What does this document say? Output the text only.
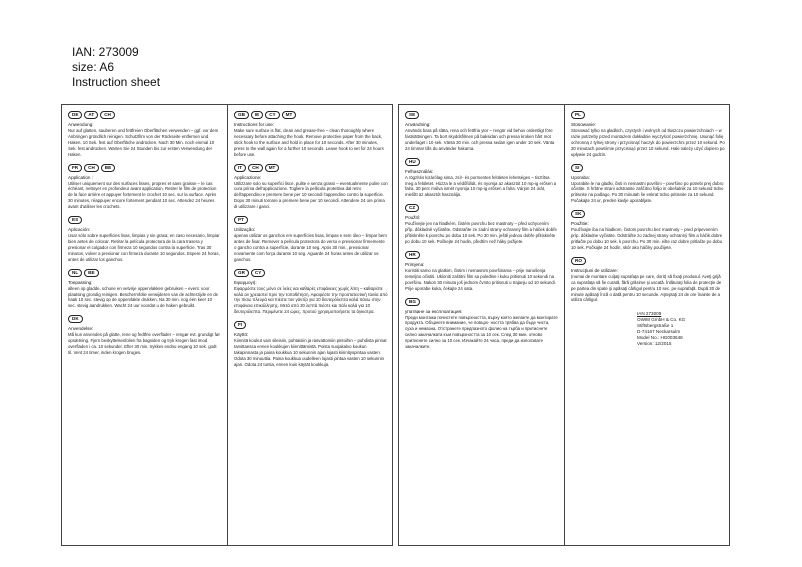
IAN: 273009
size: A6
Instruction sheet
DE	AT	CH
Anwendung:
Nur auf glatten, sauberen und fettfreien Oberflächen verwenden – ggf. vor dem Anbringen gründlich reinigen. Schutzfilm von der Rückseite entfernen und Haken. 10 Sek. fest auf Oberfläche andrücken. Nach 30 Min. noch einmal 10 Sek. fest andrücken. Warten Sie 24 Stunden bis zur ersten Verwendung der Haken.
FR	CH	BE
Application :
Utiliser uniquement sur des surfaces lisses, propres et sans graisse – le cas échéant, nettoyer en profondeur avant application. Retirer le film de protection de la face arrière et appuyer fortement le crochet 10 sec. sur la surface. Après 30 minutes, réappuyer encore fortement pendant 10 sec. Attendez 24 heures avant d'utiliser les crochets.
ES
Aplicación:
Usar sólo sobre superficies lisas, limpias y sin grasa; en caso necesario, limpiar bien antes de colocar. Retirar la película protectora de la cara trasera y presionar el colgador con firmeza 10 segundos contra la superficie. Tras 30 minutos, volver a presionar con firmeza durante 10 segundos. Espere 24 horas, antes de utilizar los ganchos.
NL	BE
Toepassing:
alleen op gladde, schone en vetvrije oppervlakken gebruiken – event. voor plaatsing grondig reinigen. Beschermfolie verwijderen van de achterzijde en de haak 10 sec. stevig op de oppervlakte drukken. Na 30 min. nog één keer 10 sec. stevig aandrukken. Wacht 24 uur voordat u de haken gebruikt.
DK
Anvendelse:
Må kun anvendes på glatte, rene og fedtfrie overflader – rengør evt. grundigt før opsætning. Fjern beskyttelsesfolien fra bagsiden og tryk krogen fast imod overfladen i ca. 10 sekunder. Efter 30 min. trykkes endnu engang 10 sek. godt til. Vent 24 timer, inden krogen bruges.
GB	IE	CY	MT
Instructions for use:
Make sure surface is flat, clean and grease-free – clean thoroughly where necessary before attaching the hook. Remove protective paper from the back, stick hook to the surface and hold in place for 10 seconds. After 30 minutes, press to the wall again for a further 10 seconds. Leave hook to set for 24 hours before use.
IT	CH	MT
Applicazione:
Utilizzare solo su superfici lisce, pulite e senza grassi – eventualmente pulire con cura prima dell'applicazione. Togliere la pellicola protettiva dal retro dell'appendino e premere bene per 10 secondi l'appendino contro la superficie. Dopo 30 minuti tornare a premere bene per 10 secondi. Attendere 24 ore prima di utilizzare i ganci.
PT
Utilização:
apenas utilizar os ganchos em superfícies lisas, limpas e sem óleo – limpar bem antes de fixar. Remover a película protectora do verso e pressionar firmemente o gancho contra a superfície, durante 10 seg. Após 30 min., pressionar novamente com força durante 10 seg. Aguarde 24 horas antes de utilizar os ganchos.
GR	CY
Εφαρμογή:
Εφαρμόστε τους μόνο σε λείες και καθαρές επιφάνειες χωρίς λίπη – καθαρίστε καλά αν χρειαστεί πριν την τοποθέτηση. Αφαιρέστε την προστατευτική ταινία από την πίσω πλευρά και πιέστε τον γάντζο για 10 δευτερόλεπτα καλά πάνω στην επιφάνεια επικόλλησης. Μετά από 30 λεπτά πιέστε και πάλι καλά για 10 δευτερόλεπτα. Περιμένετε 24 ώρες, προτού χρησιμοποιήσετε τα άγκιστρα.
FI
Käyttö:
Kiinnitä koukut vain sileisiin, puhtaisiin ja rasvattomiin pintoihin – puhdista pinnat tarvittaessa ennen koukkujen kiinnittämistä. Poista suojakalvo koukun takapinnasta ja paina koukkua 10 sekunnin ajan lujasti kiinnityspintaa vasten. Odota 30 minuuttia. Paina koukkua uudelleen lujasti pintaa vasten 10 sekunnin ajan. Odota 24 tuntia, ennen kuin käytät koukkuja.
SE
Användning:
Används bara på släta, rena och fettfria ytor – rengör vid behov ordentligt före fastsättningen. Ta bort skyddsfilmen på baksidan och pressa kroken hårt mot underlaget i 10 sek. Vänta 30 min. och pressa sedan igen under 10 sek. Vänta 24 timmar tills du använder hakarna.
HU
Felhasználás:
A rögzítés kizárólag sima, zsír- és pormentes felületen lehetséges – tisztítsa meg a felületet. Húzza le a védőfóliát, és nyomja az akasztót 10 mp-ig erősen a falra. 30 perc múlva ismét nyomja 10 mp-ig erősen a falra. Várjon 24 órát, mielőtt az akasztót használja.
CZ
Použití:
Používejte jen na hladkém, čistém povrchu bez mastnoty – před uchycením příp. důkladně vyčistěte. Odstraňte ze zadní strany ochranný film a háček dobře přitiskněte k povrchu po dobu 10 sek. Po 30 min. ještě jednou dobře přitiskněte po dobu 10 sek. Počkejte 24 hodin, předtím než háky požijete.
HR
Primjena:
Koristiti samo na glatkim, čistim i nemasnim površinama – prije nanošenja temeljno očistiti. Ukloniti zaštitni film sa poleđine i kuku pritisnuti 10 sekundi na površinu. Nakon 30 minuta još jednom čvrsto pritisnuti u trajanju od 10 sekundi. Prije uporabe kuka, čekajte 24 sata.
BG
упатване за експлоатация:
Преди монтажа почистете повърхността, върху която желаете да монтирате продукта. Обърнете внимание, че повърх- ността трябва да бъде чиста, суха и немазна. Отстранете предпазното фолио на гърба и притиснете силно закачалката към повърхността за 10 сек. След 30 мин. отново притиснете силно за 10 сек. Изчакайте 24 часа, преди да използвате закачалките.
PL
Stosowanie:
Stosować tylko na gładkich, czystych i wolnych od tłuszczu powierzchniach – w razie potrzeby przed montażem dokładnie wyczyścić powierzchnię. Usunąć folię ochronną z tylnej strony i przycisnąć haczyk do powierzchni przez 10 sekund. Po 30 minutach powtórnie przycisnąć przez 10 sekund. Haki należy użyć dopiero po upływie 24 godzin.
SI
Uporaba:
Uporabite le na gladki, čisti in nemastni površini – površino po potrebi prej dobro očistite. S hrbtne strani odstranite zaščitno folijo in obešalnik za 10 sekund trdno pritisnite na podlago. Po 30 minutah še enkrat trdno pritisnite za 10 sekund. Počakajte 24 ur, preden kavlje uporabljate.
SK
Použitie:
Používajte iba na hladkom, čistom povrchu bez mastnoty – pred pripevnením príp. dôkladne vyčistite. Odstráňte zo zadnej strany ochranný film a háčik dobre pritlačte po dobu 10 sek. k povrchu. Po 30 min. ešte raz dobre pritlačte po dobu 10 sek. Počkajte 24 hodín, skôr ako háčiky použijete.
RO
Instrucţiuni de utilizare:
(numai de montare cuiţaţi suprafaţa pe care, dorit) să fixaţi produsul. Aveţi grijă ca suprafaţa să fie curată, fără grăsime şi uscată. Înlăturaţi folia de protecţie de pe partea din spate şi apăsaţi cârligul pentru 10 sec. pe suprafaţă. După 30 de minute apăsaţi încă o dată pentru 10 secunde. Aşteptaţi 24 de ore înainte de a utiliza cârligul.
IAN 273009
OWIM GmbH & Co. KG
Stiftsbergstraße 1
D-74167 Neckarsulm
Model No.: HG003648
Version: 12/2015
